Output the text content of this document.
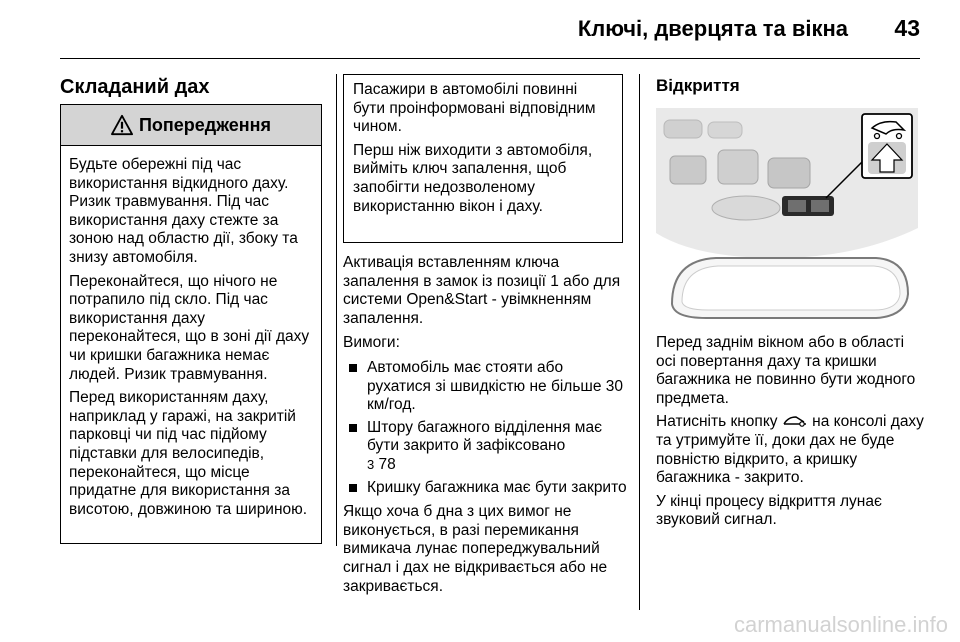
Ключі, дверцята та вікна 43
Складаний дах
Попередження

Будьте обережні під час використання відкидного даху. Ризик травмування. Під час використання даху стежте за зоною над областю дії, збоку та знизу автомобіля.

Переконайтеся, що нічого не потрапило під скло. Під час використання даху переконайтеся, що в зоні дії даху чи кришки багажника немає людей. Ризик травмування.

Перед використанням даху, наприклад у гаражі, на закритій парковці чи під час підйому підставки для велосипедів, переконайтеся, що місце придатне для використання за висотою, довжиною та шириною.

Пасажири в автомобілі повинні бути проінформовані відповідним чином.

Перш ніж виходити з автомобіля, вийміть ключ запалення, щоб запобігти недозволеному використанню вікон і даху.

Активація вставленням ключа запалення в замок із позиції 1 або для системи Open&Start - увімкненням запалення.

Вимоги:

Автомобіль має стояти або рухатися зі швидкістю не більше 30 км/год.
Штору багажного відділення має бути закрито й зафіксовано
3 78
Кришку багажника має бути закрито

Якщо хоча б дна з цих вимог не виконується, в разі перемикання вимикача лунає попереджувальний сигнал і дах не відкривається або не закривається.

Відкриття

Перед заднім вікном або в області осі повертання даху та кришки багажника не повинно бути жодного предмета.

Натисніть кнопку  на консолі даху та утримуйте її, доки дах не буде повністю відкрито, а кришку багажника - закрито.

У кінці процесу відкриття лунає звуковий сигнал.

carmanualsonline.info
